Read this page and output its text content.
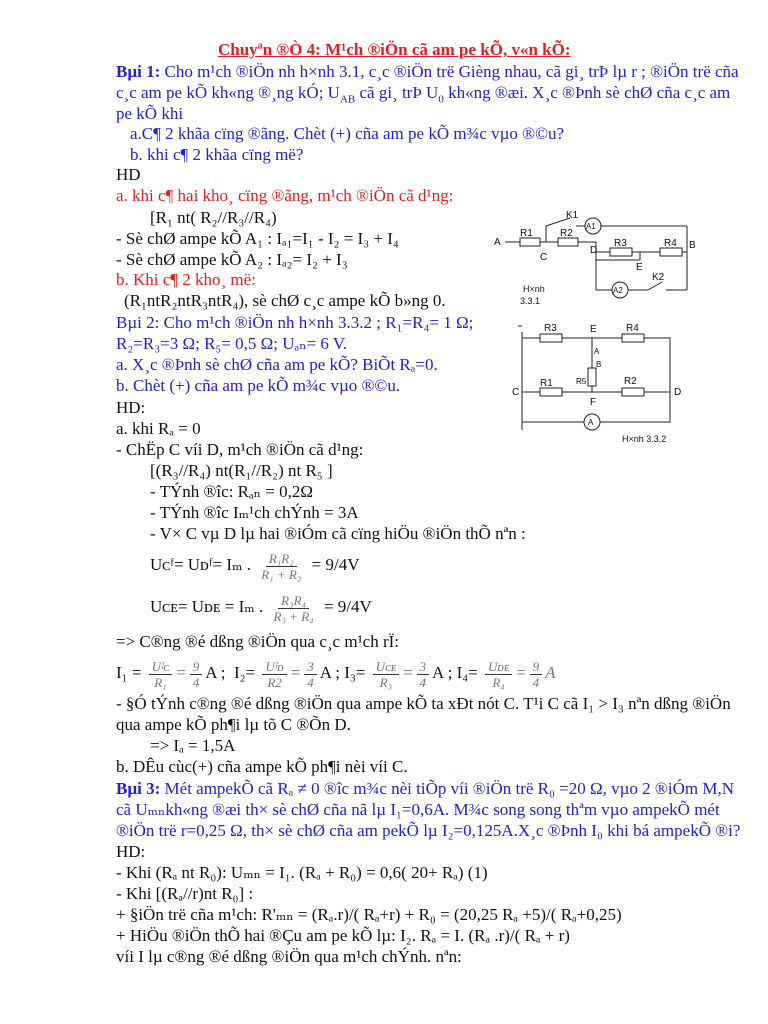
Chuyªn ®Ò 4: M¹ch ®iÖn cã am pe kÕ, v«n kÕ:
Bµi 1: Cho m¹ch ®iÖn nh h×nh 3.1, c¸c ®iÖn trë Gièng nhau, cã gi¸ trÞ lµ r ; ®iÖn trë cña
c¸c am pe kÕ kh«ng ®¸ng kÓ; $U_{AB}$ cã gi¸ trÞ $U_0$ kh«ng ®æi. X¸c ®Þnh sè chØ cña c¸c am
pe kÕ khi
a.C¶ 2 khãa cïng ®ãng. Chèt (+) cña am pe kÕ m¾c vµo ®©u?
b. khi c¶ 2 khãa cïng më?
HD
a. khi c¶ hai kho¸ cïng ®ãng, m¹ch ®iÖn cã d¹ng:
[R₁ nt( R₂//R₃//R₄)
- Sè chØ ampe kÕ A₁ : Iₐ₁=I₁ - I₂ = I₃ + I₄
- Sè chØ ampe kÕ A₂ : Iₐ₂= I₂ + I₃
b. Khi c¶ 2 kho¸ më:
(R₁ntR₂ntR₃ntR₄), sè chØ c¸c ampe kÕ b»ng 0.
Bµi 2: Cho m¹ch ®iÖn nh h×nh 3.3.2 ; R₁=R₄= 1 Ω;
R₂=R₃=3 Ω; R₅= 0,5 Ω; Uₐₙ= 6 V.
a. X¸c ®Þnh sè chØ cña am pe kÕ? BiÕt Rₐ=0.
b. Chèt (+) cña am pe kÕ m¾c vµo ®©u.
HD:
a. khi Rₐ = 0
- ChËp C víi D, m¹ch ®iÖn cã d¹ng:
[(R₃//R₄) nt(R₁//R₂) nt R₅ ]
- TÝnh ®îc: Rₐₙ = 0,2Ω
- TÝnh ®îc Iₘ¹ch chÝnh = 3A
- V× C vµ D lµ hai ®iÓm cã cïng hiÖu ®iÖn thÕ nªn :
Uᴄᶠ= Uᴅᶠ= Iₘ . $\frac{\text{R₁R₂}}{\text{R₁ + R₂}} = 9/4V$
Uᴄᴇ= Uᴅᴇ = Iₘ . $\frac{\text{R₃R₄}}{\text{R₃ + R₄}} = 9/4V$
=> C®ng ®é dßng ®iÖn qua c¸c m¹ch rÏ:
$I_1 = \frac{\text{Uᶠᴄ}}{\text{R₁}} = \frac{9}{4}$ A ; $I_2= \frac{\text{Uᶠᴅ}}{R2} = \frac{3}{4}$ A ; $I_3= \frac{\text{Uᴄᴇ}}{\text{R₃}} = \frac{3}{4}$ A ; $I_4= \frac{\text{Uᴅᴇ}}{\text{R₄}} = \frac{9}{4}$ A
- §Ó tÝnh c®ng ®é dßng ®iÖn qua ampe kÕ ta xÐt nót C. T¹i C cã I₁ > I₃ nªn dßng ®iÖn
qua ampe kÕ ph¶i lµ tõ C ®Õn D.
=> Iₐ = 1,5A
b. DÊu cùc(+) cña ampe kÕ ph¶i nèi víi C.
Bµi 3: Mét ampekÕ cã Rₐ ≠ 0 ®îc m¾c nèi tiÕp víi ®iÖn trë R₀ =20 Ω, vµo 2 ®iÓm M,N
cã Uₘₙkh«ng ®æi th× sè chØ cña nã lµ I₁=0,6A. M¾c song song thªm vµo ampekÕ mét
®iÖn trë r=0,25 Ω, th× sè chØ cña am pekÕ lµ I₂=0,125A.X¸c ®Þnh I₀ khi bá ampekÕ ®i?
HD:
- Khi (Rₐ nt R₀): Uₘₙ = I₁. (Rₐ + R₀) = 0,6( 20+ Rₐ) (1)
- Khi [(Rₐ//r)nt R₀] :
+ §iÖn trë cña m¹ch: R'ₘₙ = (Rₐ.r)/( Rₐ+r) + R₀ = (20,25 Rₐ +5)/( Rₐ+0,25)
+ HiÖu ®iÖn thÕ hai ®Çu am pe kÕ lµ: I₂. Rₐ = I. (Rₐ .r)/( Rₐ + r)
víi I lµ c®ng ®é dßng ®iÖn qua m¹ch chÝnh. nªn:
A
R1	R2
R3	R4
C
D
E
B
K1
A1
A2
K2
H×nh
3.3.1
R3	R4
E
A
B
R5
R1	R2
F
C	D
A
H×nh 3.3.2
